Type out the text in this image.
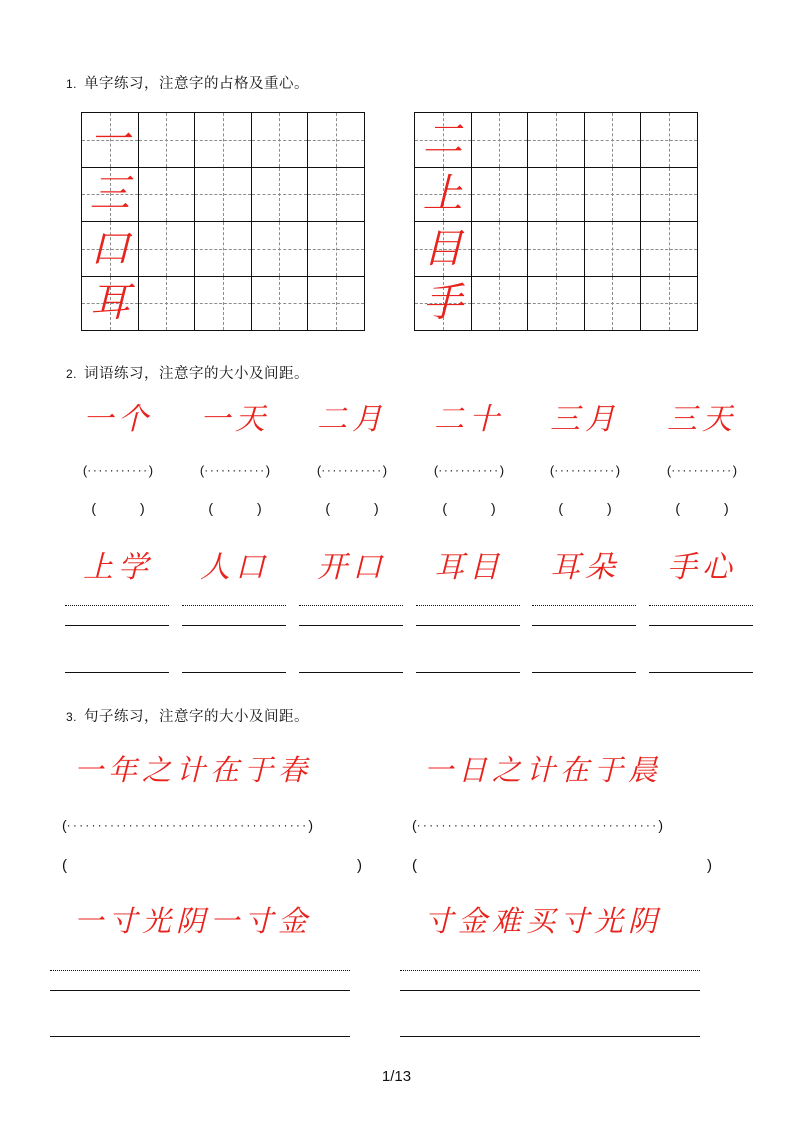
1. 单字练习，注意字的占格及重心。
一
三
口
耳
二
上
目
手
2. 词语练习，注意字的大小及间距。
一个
(···········)
(	)
一天
(···········)
(	)
二月
(···········)
(	)
二十
(···········)
(	)
三月
(···········)
(	)
三天
(···········)
(	)
上学	人口	开口	耳目	耳朵	手心
3. 句子练习，注意字的大小及间距。
一年之计在于春
(·······································)
(	)
一日之计在于晨
(·······································)
(	)
一寸光阴一寸金	寸金难买寸光阴
1/13
